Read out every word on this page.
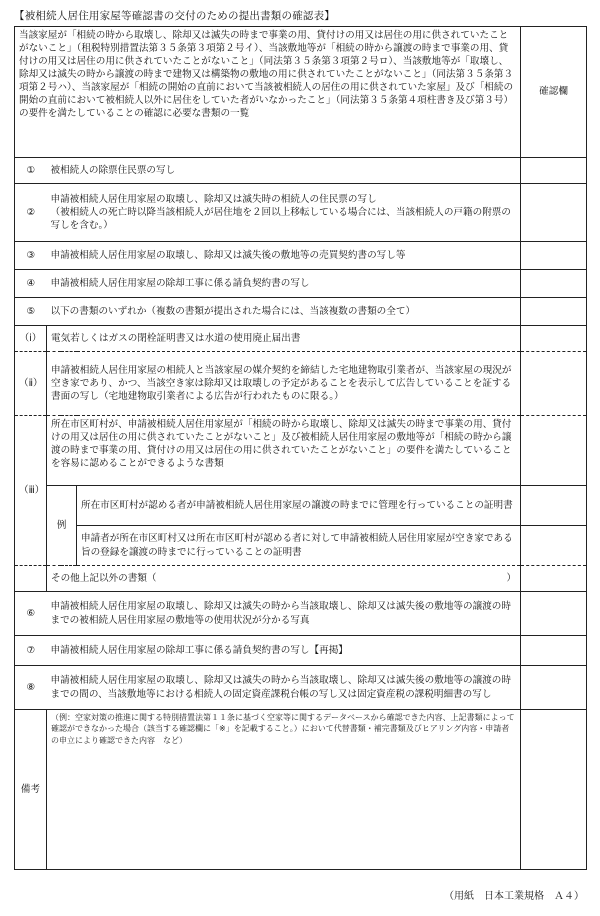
【被相続人居住用家屋等確認書の交付のための提出書類の確認表】
当該家屋が「相続の時から取壊し、除却又は滅失の時まで事業の用、貸付けの用又は居住の用に供されていたことがないこと」（租税特別措置法第３５条第３項第２号イ）、当該敷地等が「相続の時から譲渡の時まで事業の用、貸付けの用又は居住の用に供されていたことがないこと」（同法第３５条第３項第２号ロ）、当該敷地等が「取壊し、除却又は滅失の時から譲渡の時まで建物又は構築物の敷地の用に供されていたことがないこと」（同法第３５条第３項第２号ハ）、当該家屋が「相続の開始の直前において当該被相続人の居住の用に供されていた家屋」及び「相続の開始の直前において被相続人以外に居住をしていた者がいなかったこと」（同法第３５条第４項柱書き及び第３号）の要件を満たしていることの確認に必要な書類の一覧			確認欄
①	被相続人の除票住民票の写し		
②	申請被相続人居住用家屋の取壊し、除却又は滅失時の相続人の住民票の写し
（被相続人の死亡時以降当該相続人が居住地を２回以上移転している場合には、当該相続人の戸籍の附票の写しを含む。）		

③	申請被相続人居住用家屋の取壊し、除却又は滅失後の敷地等の売買契約書の写し等		
④	申請被相続人居住用家屋の除却工事に係る請負契約書の写し		
⑤	以下の書類のいずれか（複数の書類が提出された場合には、当該複数の書類の全て）		
（ⅰ）	電気若しくはガスの閉栓証明書又は水道の使用廃止届出書		
（ⅱ）	申請被相続人居住用家屋の相続人と当該家屋の媒介契約を締結した宅地建物取引業者が、当該家屋の現況が空き家であり、かつ、当該空き家は除却又は取壊しの予定があることを表示して広告していることを証する書面の写し（宅地建物取引業者による広告が行われたものに限る。）		
（ⅲ）	所在市区町村が、申請被相続人居住用家屋が「相続の時から取壊し、除却又は滅失の時まで事業の用、貸付けの用又は居住の用に供されていたことがないこと」及び被相続人居住用家屋の敷地等が「相続の時から譲渡の時まで事業の用、貸付けの用又は居住の用に供されていたことがないこと」の要件を満たしていることを容易に認めることができるような書類		
	例	所在市区町村が認める者が申請被相続人居住用家屋の譲渡の時までに管理を行っていることの証明書	
		申請者が所在市区町村又は所在市区町村が認める者に対して申請被相続人居住用家屋が空き家である旨の登録を譲渡の時までに行っていることの証明書	
	その他上記以外の書類（ ）		

⑥	申請被相続人居住用家屋の取壊し、除却又は滅失の時から当該取壊し、除却又は滅失後の敷地等の譲渡の時までの被相続人居住用家屋の敷地等の使用状況が分かる写真		
⑦	申請被相続人居住用家屋の除却工事に係る請負契約書の写し【再掲】		
⑧	申請被相続人居住用家屋の取壊し、除却又は滅失の時から当該取壊し、除却又は滅失後の敷地等の譲渡の時までの間の、当該敷地等における相続人の固定資産課税台帳の写し又は固定資産税の課税明細書の写し		
備考	（例：空家対策の推進に関する特別措置法第１１条に基づく空家等に関するデータベースから確認できた内容、上記書類によって確認ができなかった場合（該当する確認欄に「※」を記載すること。）において代替書類・補完書類及びヒアリング内容・申請者の申立により確認できた内容　など）		
（用紙　日本工業規格　Ａ４）
